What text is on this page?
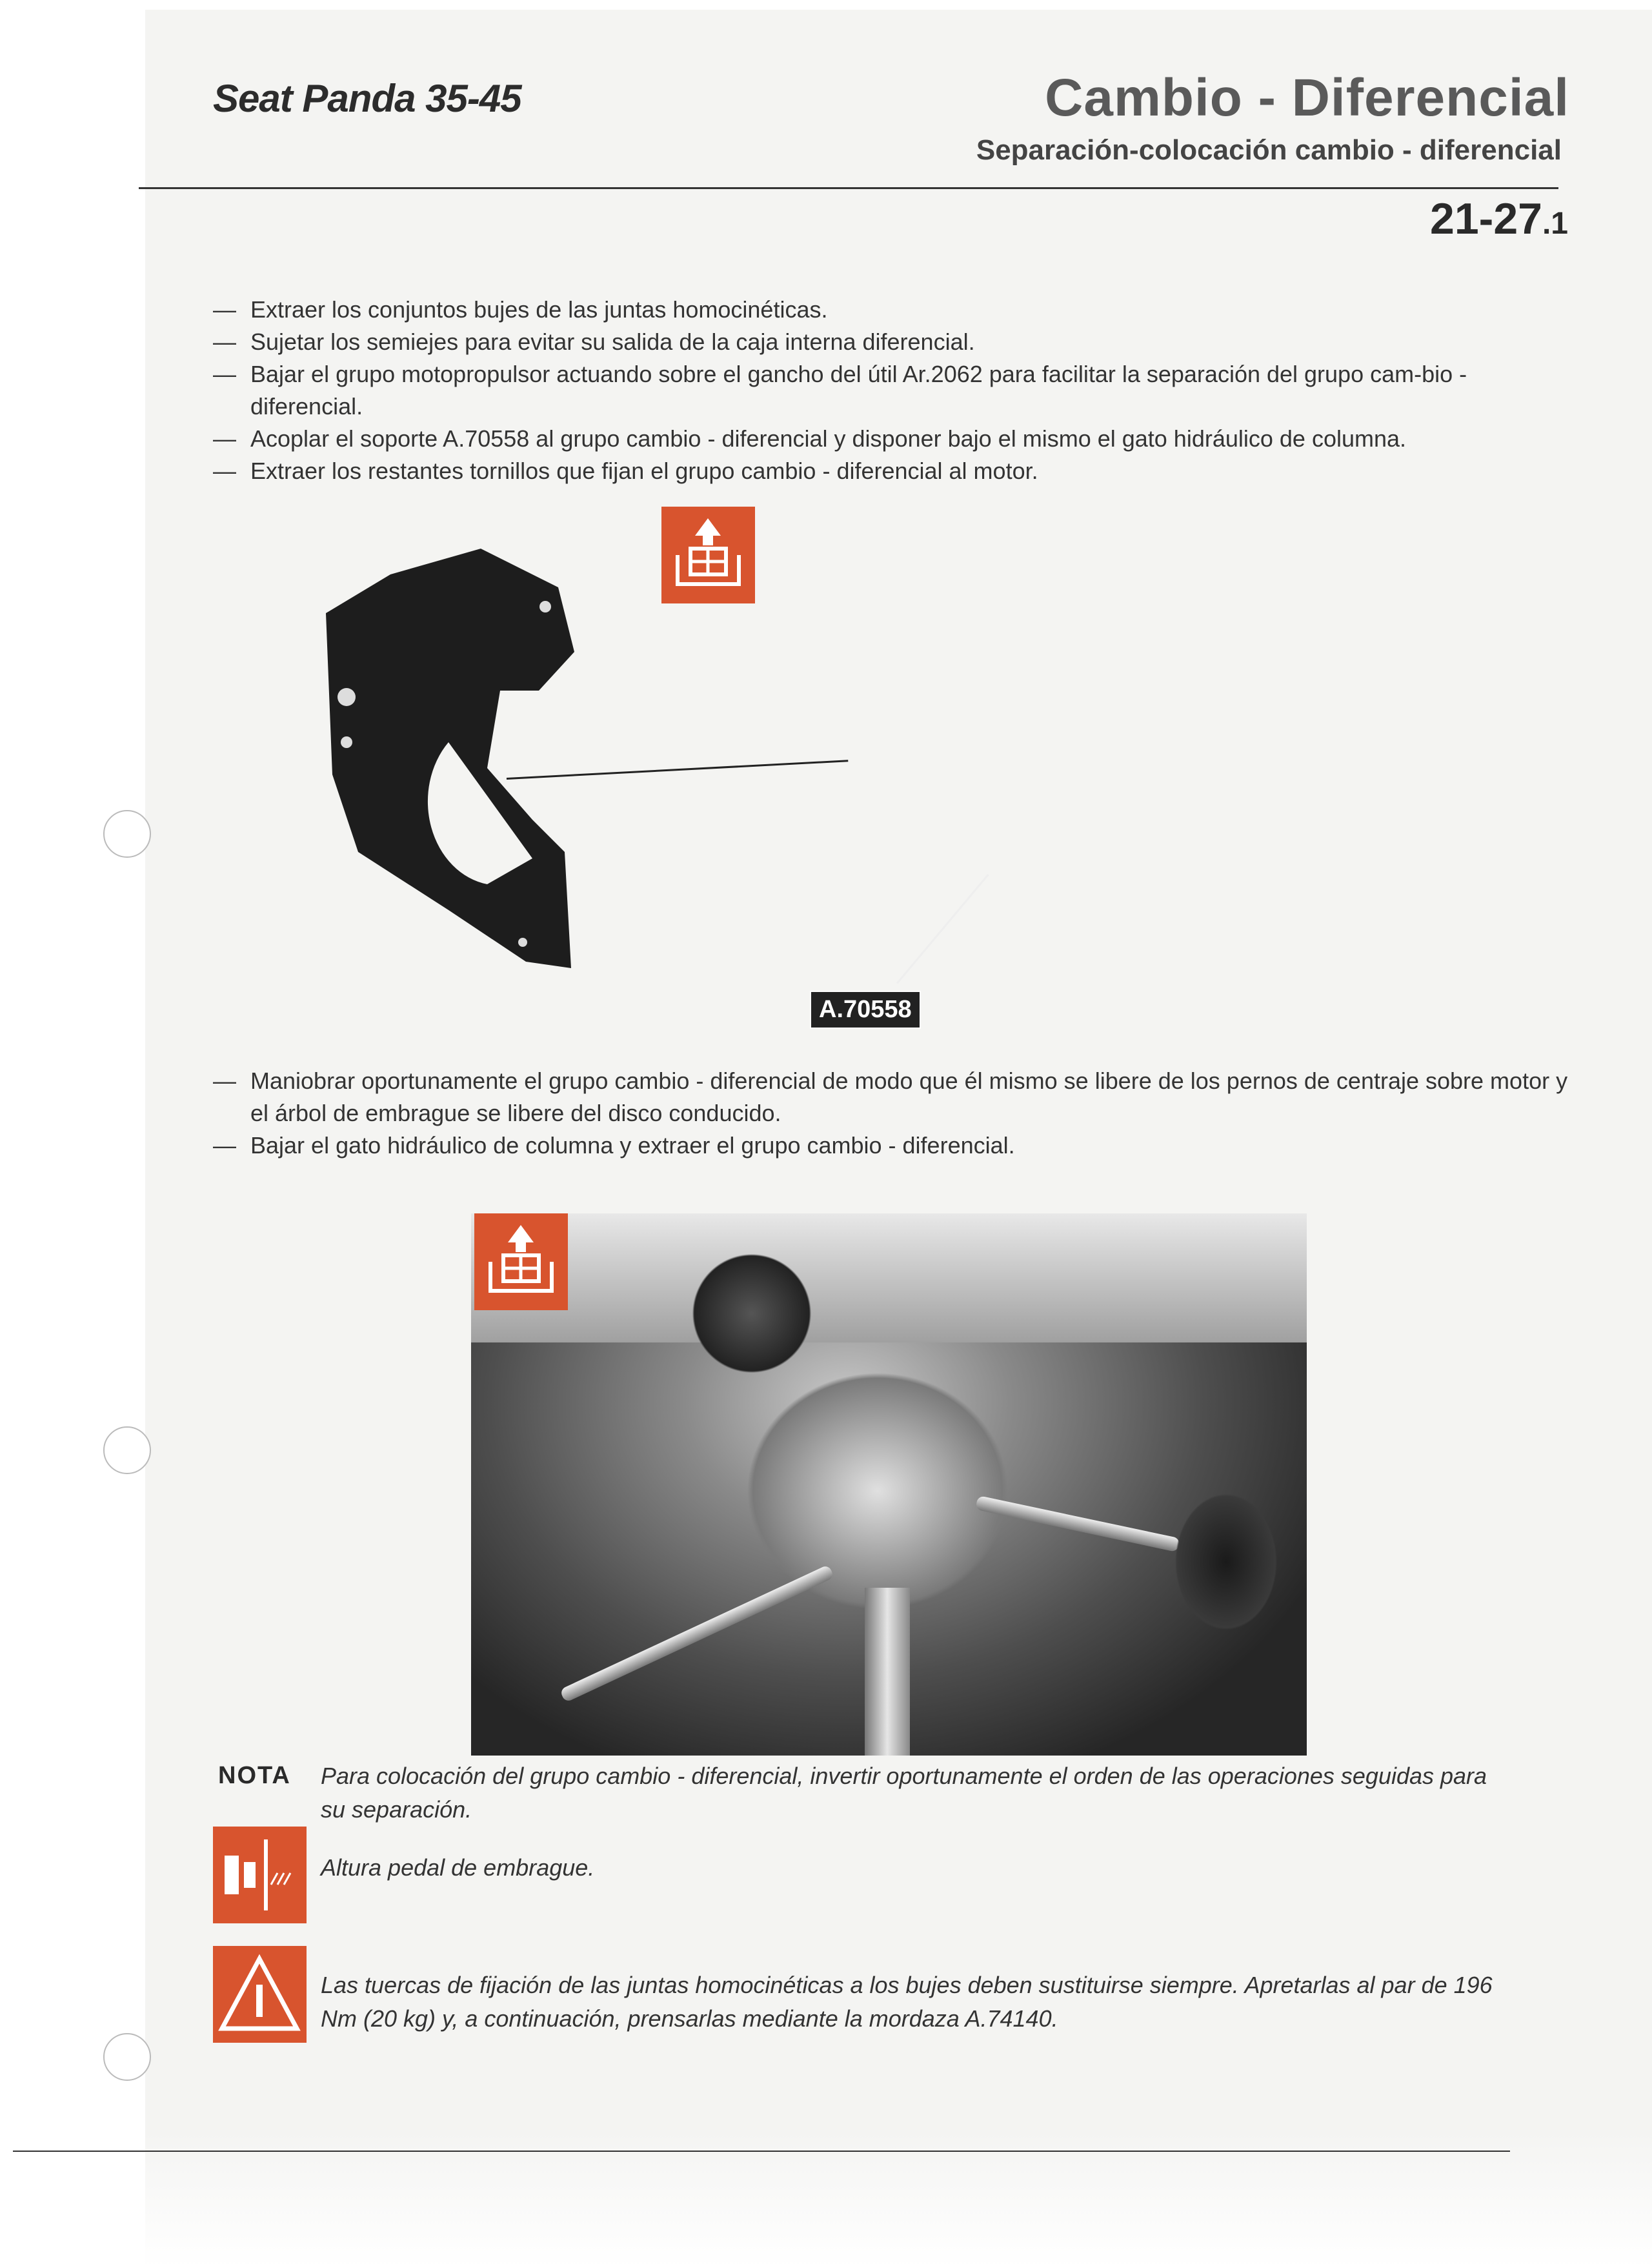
Seat Panda 35-45	Cambio - Diferencial
Separación-colocación cambio - diferencial
21-27.1
— Extraer los conjuntos bujes de las juntas homocinéticas.
— Sujetar los semiejes para evitar su salida de la caja interna diferencial.
— Bajar el grupo motopropulsor actuando sobre el gancho del útil Ar.2062 para facilitar la separación del grupo cam-bio - diferencial.
— Acoplar el soporte A.70558 al grupo cambio - diferencial y disponer bajo el mismo el gato hidráulico de columna.
— Extraer los restantes tornillos que fijan el grupo cambio - diferencial al motor.
A.70558
— Maniobrar oportunamente el grupo cambio - diferencial de modo que él mismo se libere de los pernos de centraje sobre motor y el árbol de embrague se libere del disco conducido.
— Bajar el gato hidráulico de columna y extraer el grupo cambio - diferencial.
NOTA Para colocación del grupo cambio - diferencial, invertir oportunamente el orden de las operaciones seguidas para su separación.
Altura pedal de embrague.
Las tuercas de fijación de las juntas homocinéticas a los bujes deben sustituirse siempre. Apretarlas al par de 196 Nm (20 kg) y, a continuación, prensarlas mediante la mordaza A.74140.
